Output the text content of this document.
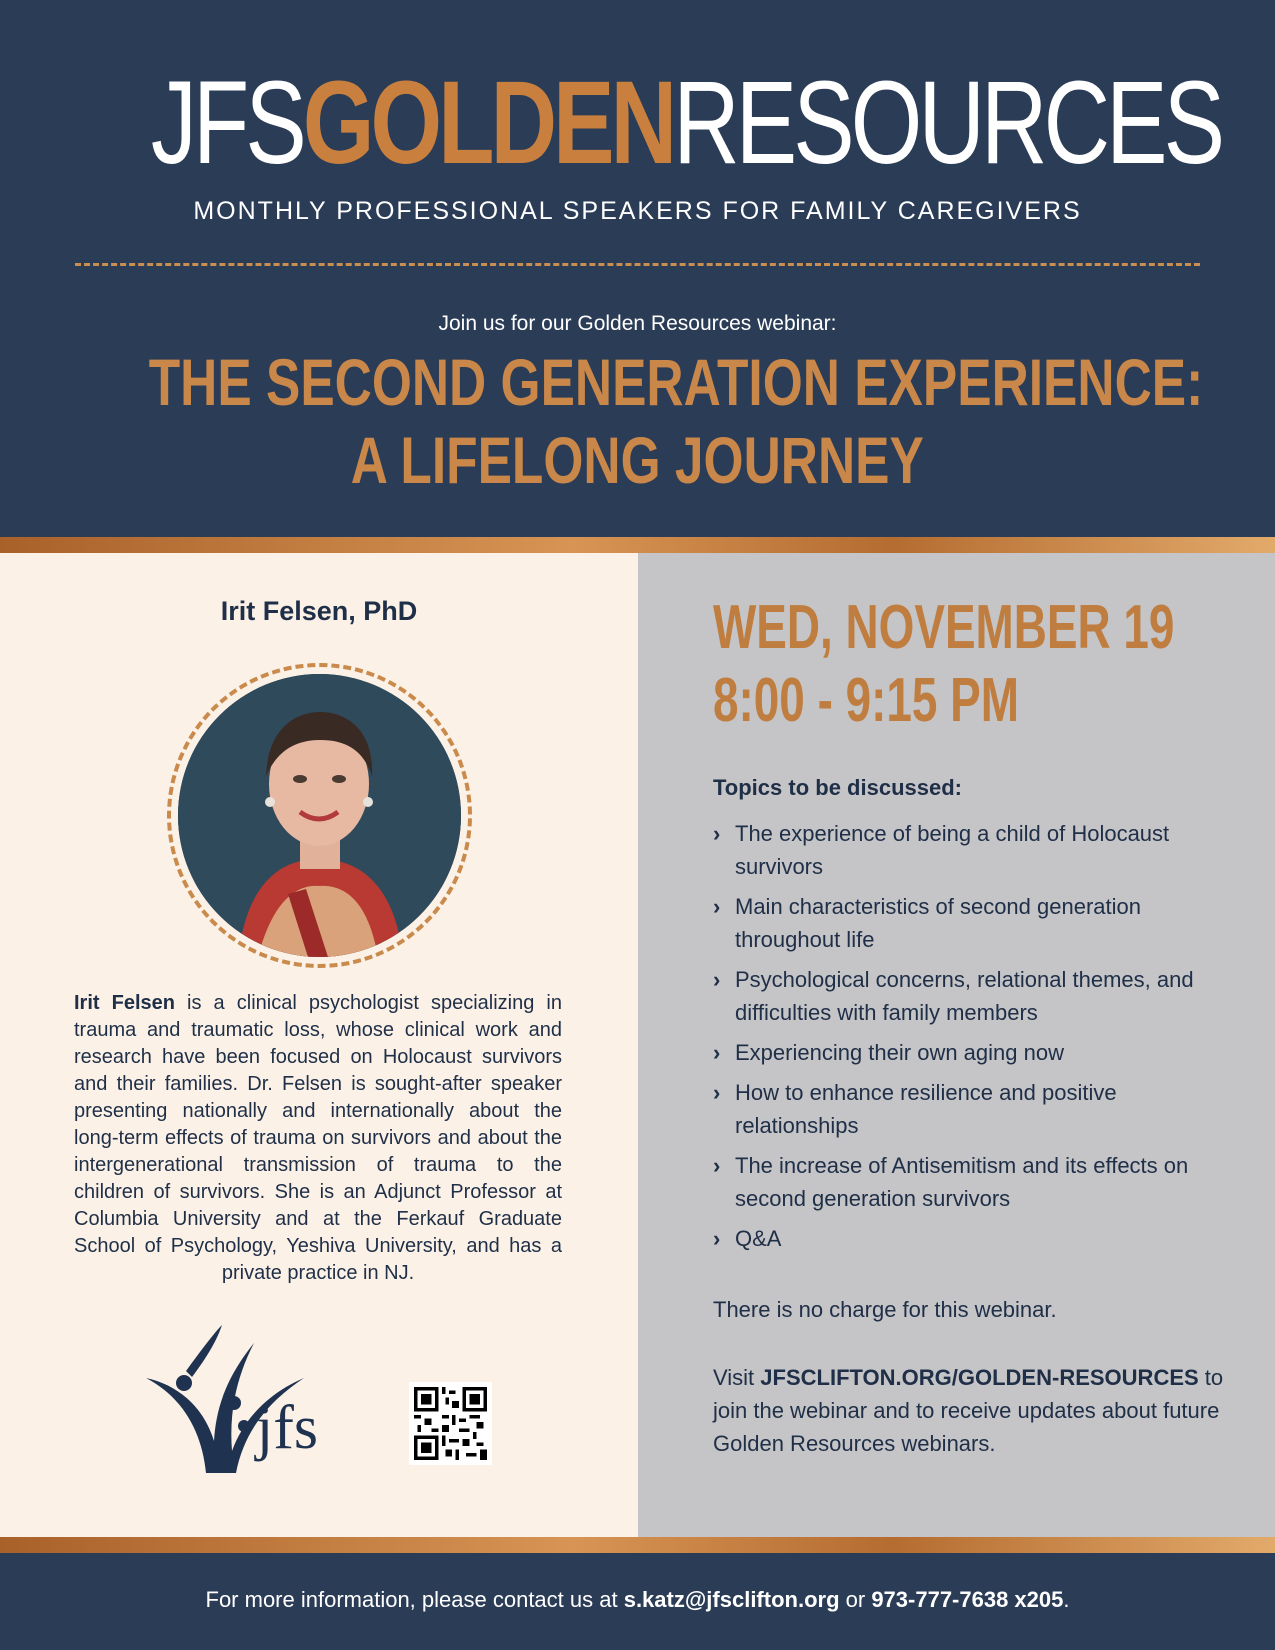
JFSGOLDENRESOURCES
MONTHLY PROFESSIONAL SPEAKERS FOR FAMILY CAREGIVERS
Join us for our Golden Resources webinar:
THE SECOND GENERATION EXPERIENCE:
A LIFELONG JOURNEY
Irit Felsen, PhD
Irit Felsen is a clinical psychologist specializing in trauma and traumatic loss, whose clinical work and research have been focused on Holocaust survivors and their families. Dr. Felsen is sought-after speaker presenting nationally and internationally about the long-term effects of trauma on survivors and about the intergenerational transmission of trauma to the children of survivors. She is an Adjunct Professor at Columbia University and at the Ferkauf Graduate School of Psychology, Yeshiva University, and has a private practice in NJ.
jfs
WED, NOVEMBER 19
8:00 - 9:15 PM
Topics to be discussed:
› The experience of being a child of Holocaust survivors
› Main characteristics of second generation throughout life
› Psychological concerns, relational themes, and difficulties with family members
› Experiencing their own aging now
› How to enhance resilience and positive relationships
› The increase of Antisemitism and its effects on second generation survivors
› Q&A
There is no charge for this webinar.
Visit JFSCLIFTON.ORG/GOLDEN-RESOURCES to join the webinar and to receive updates about future Golden Resources webinars.
For more information, please contact us at s.katz@jfsclifton.org or 973-777-7638 x205.
